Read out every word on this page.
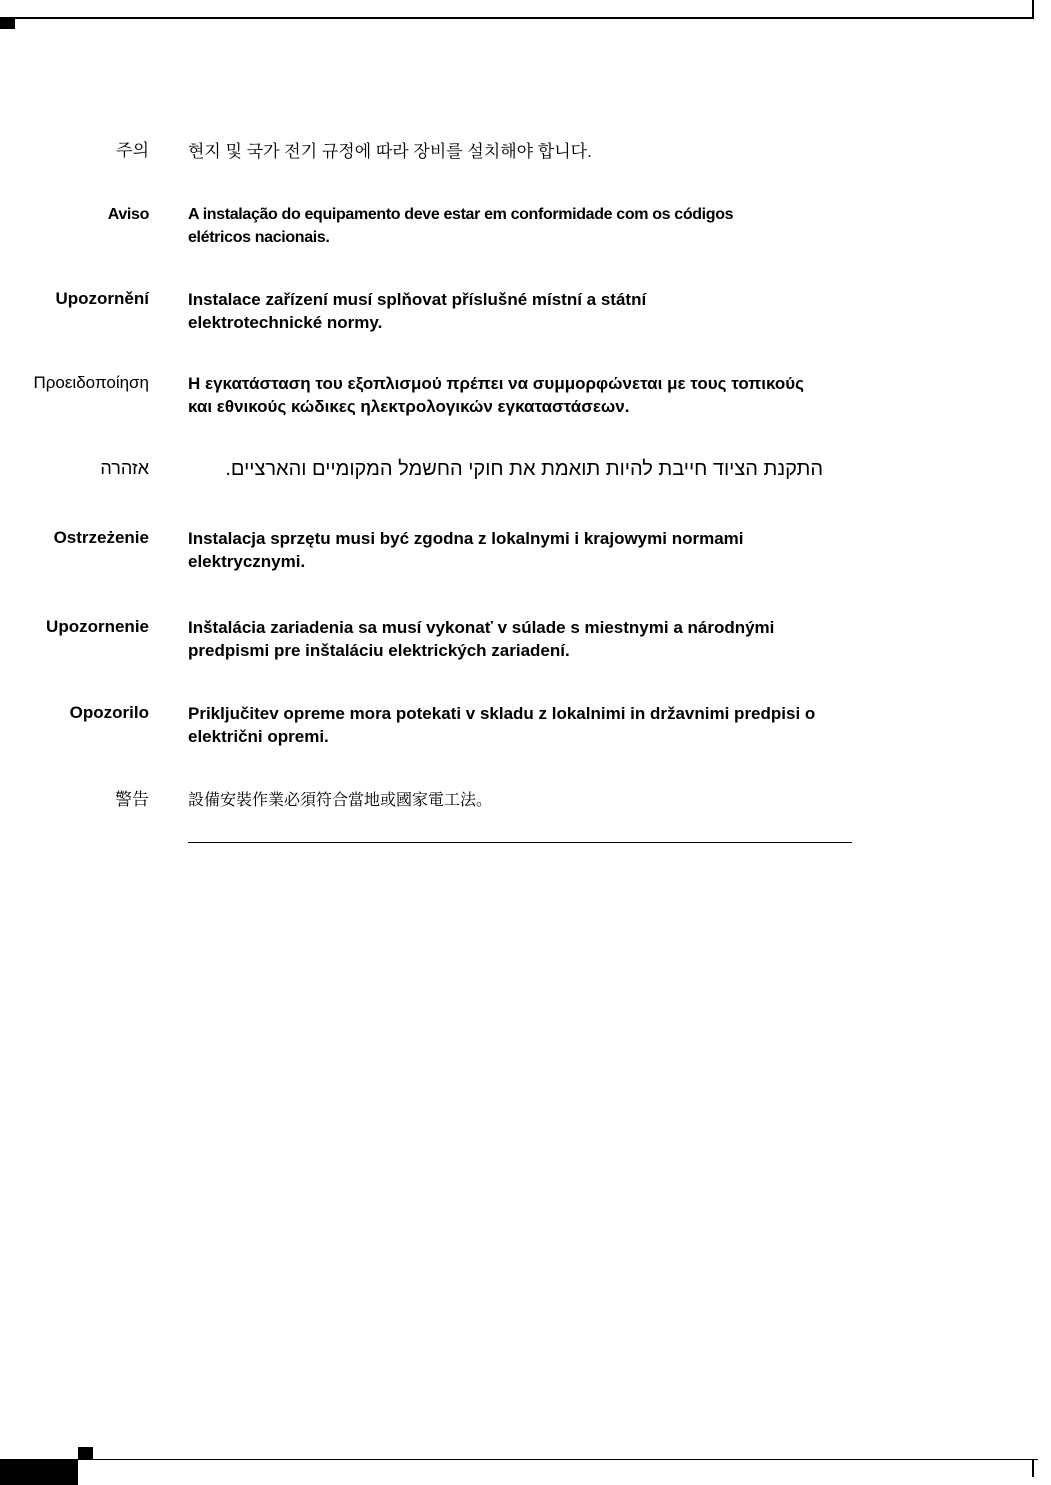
주의 현지 및 국가 전기 규정에 따라 장비를 설치해야 합니다.
Aviso A instalação do equipamento deve estar em conformidade com os códigos elétricos nacionais.
Upozornění Instalace zařízení musí splňovat příslušné místní a státní elektrotechnické normy.
Προειδοποίηση Η εγκατάσταση του εξοπλισμού πρέπει να συμμορφώνεται με τους τοπικούς και εθνικούς κώδικες ηλεκτρολογικών εγκαταστάσεων.
אזהרה	התקנת הציוד חייבת להיות תואמת את חוקי החשמל המקומיים והארציים.
Ostrzeżenie Instalacja sprzętu musi być zgodna z lokalnymi i krajowymi normami elektrycznymi.
Upozornenie Inštalácia zariadenia sa musí vykonať v súlade s miestnymi a národnými predpismi pre inštaláciu elektrických zariadení.
Opozorilo Priključitev opreme mora potekati v skladu z lokalnimi in državnimi predpisi o električni opremi.
警告 設備安裝作業必須符合當地或國家電工法。
